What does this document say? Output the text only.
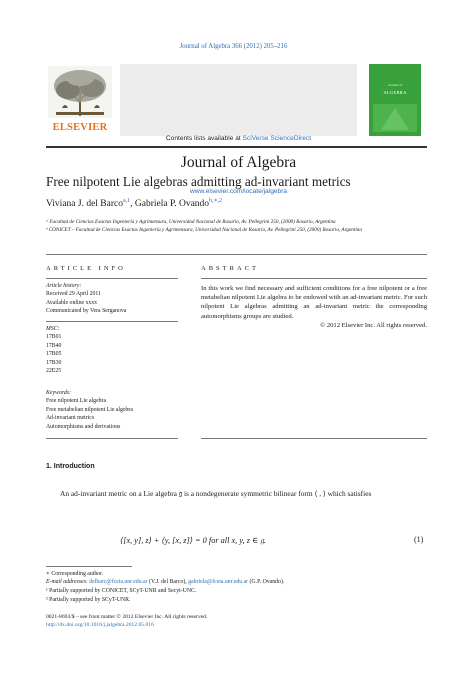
Journal of Algebra 366 (2012) 205–216
ELSEVIER
Contents lists available at SciVerse ScienceDirect
Journal of Algebra
www.elsevier.com/locate/jalgebra
Journal of
ALGEBRA
Free nilpotent Lie algebras admitting ad-invariant metrics
Viviana J. del Barco$^{a,1}$, Gabriela P. Ovando$^{b,∗,2}$
ᵃ Facultad de Ciencias Exactas Ingeniería y Agrimensura, Universidad Nacional de Rosario, Av. Pellegrini 250, (2000) Rosario, Argentina
ᵇ CONICET – Facultad de Ciencias Exactas Ingeniería y Agrimensura, Universidad Nacional de Rosario, Av. Pellegrini 250, (2000) Rosario, Argentina
ARTICLE INFO
Article history:
Received 29 April 2011
Available online xxxx
Communicated by Vera Serganova
MSC:
17B01
17B40
17B05
17B30
22E25
Keywords:
Free nilpotent Lie algebra
Free metabelian nilpotent Lie algebra
Ad-invariant metrics
Automorphisms and derivations
ABSTRACT
In this work we find necessary and sufficient conditions for a free nilpotent or a free metabelian nilpotent Lie algebra to be endowed with an ad-invariant metric. For such nilpotent Lie algebras admitting an ad-invariant metric the corresponding automorphisms groups are studied.
© 2012 Elsevier Inc. All rights reserved.
1. Introduction
An ad-invariant metric on a Lie algebra 𝔤 is a nondegenerate symmetric bilinear form ⟨ , ⟩ which satisfies
⟨[x, y], z⟩ + ⟨y, [x, z]⟩ = 0 for all x, y, z ∈ 𝔤.	(1)
∗ Corresponding author.
E-mail addresses: delbarc@fceia.unr.edu.ar (V.J. del Barco), gabriela@fceia.unr.edu.ar (G.P. Ovando).
¹ Partially supported by CONICET, SCyT-UNR and Secyt-UNC.
² Partially supported by SCyT-UNR.
0021-8693/$ – see front matter © 2012 Elsevier Inc. All rights reserved.
http://dx.doi.org/10.1016/j.jalgebra.2012.05.016
